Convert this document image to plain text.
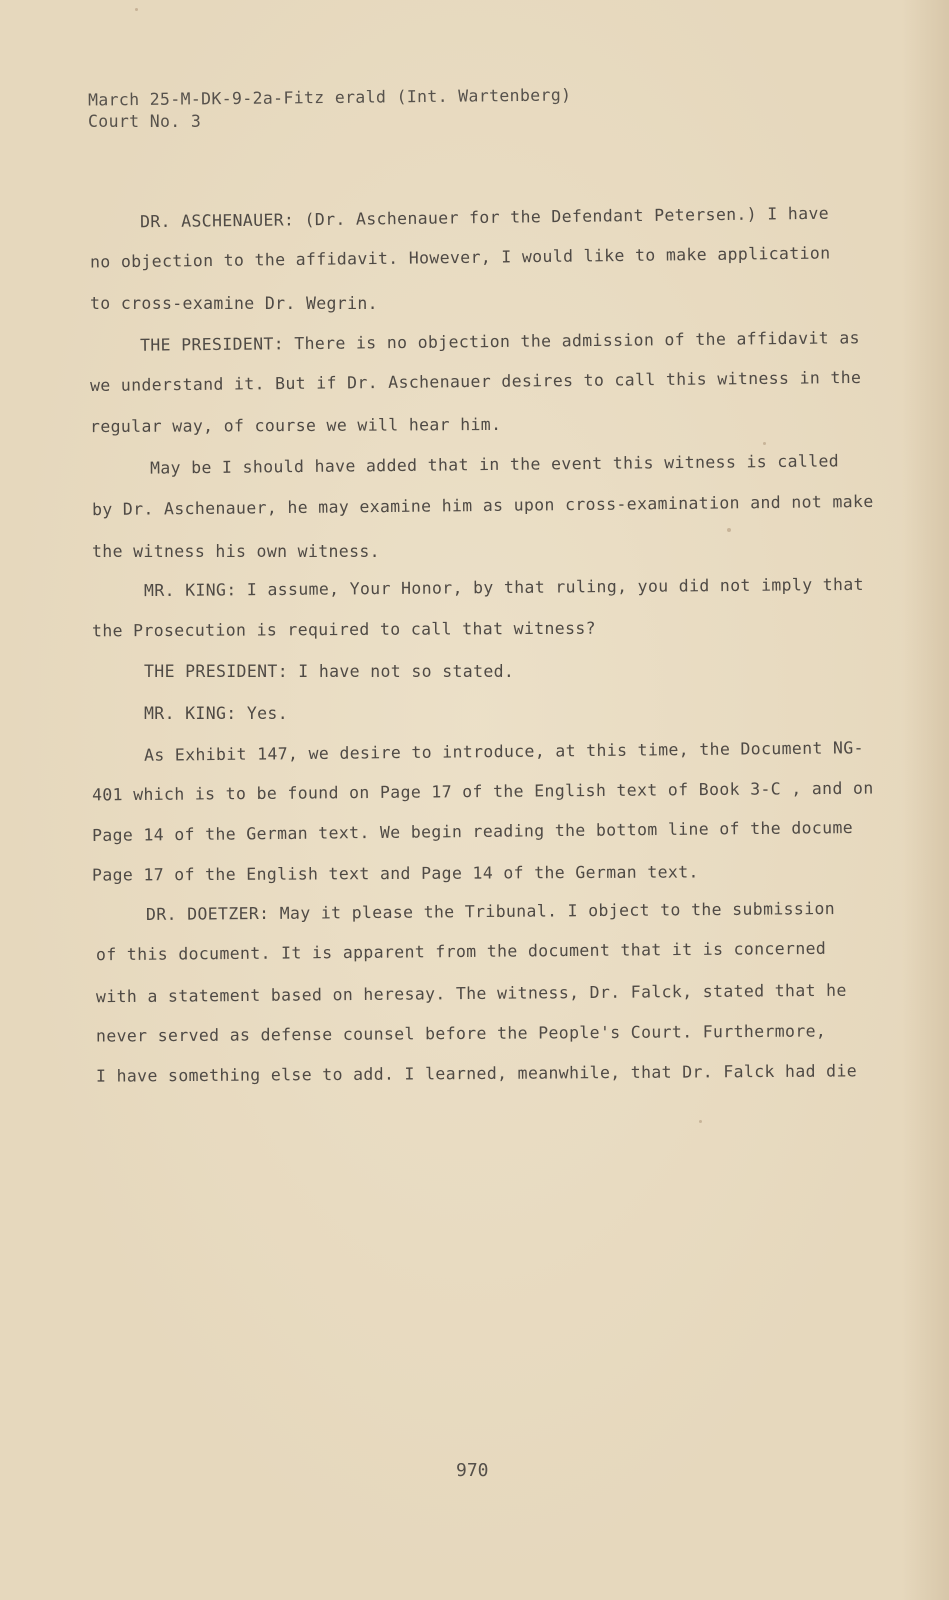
March 25-M-DK-9-2a-Fitz erald (Int. Wartenberg)
Court No. 3
DR. ASCHENAUER: (Dr. Aschenauer for the Defendant Petersen.) I have
no objection to the affidavit. However, I would like to make application
to cross-examine Dr. Wegrin.
THE PRESIDENT: There is no objection the admission of the affidavit as
we understand it. But if Dr. Aschenauer desires to call this witness in the
regular way, of course we will hear him.
May be I should have added that in the event this witness is called
by Dr. Aschenauer, he may examine him as upon cross-examination and not make
the witness his own witness.
MR. KING: I assume, Your Honor, by that ruling, you did not imply that
the Prosecution is required to call that witness?
THE PRESIDENT: I have not so stated.
MR. KING: Yes.
As Exhibit 147, we desire to introduce, at this time, the Document NG-
401 which is to be found on Page 17 of the English text of Book 3-C , and on
Page 14 of the German text. We begin reading the bottom line of the docume
Page 17 of the English text and Page 14 of the German text.
DR. DOETZER: May it please the Tribunal. I object to the submission
of this document. It is apparent from the document that it is concerned
with a statement based on heresay. The witness, Dr. Falck, stated that he
never served as defense counsel before the People's Court. Furthermore,
I have something else to add. I learned, meanwhile, that Dr. Falck had die
970
